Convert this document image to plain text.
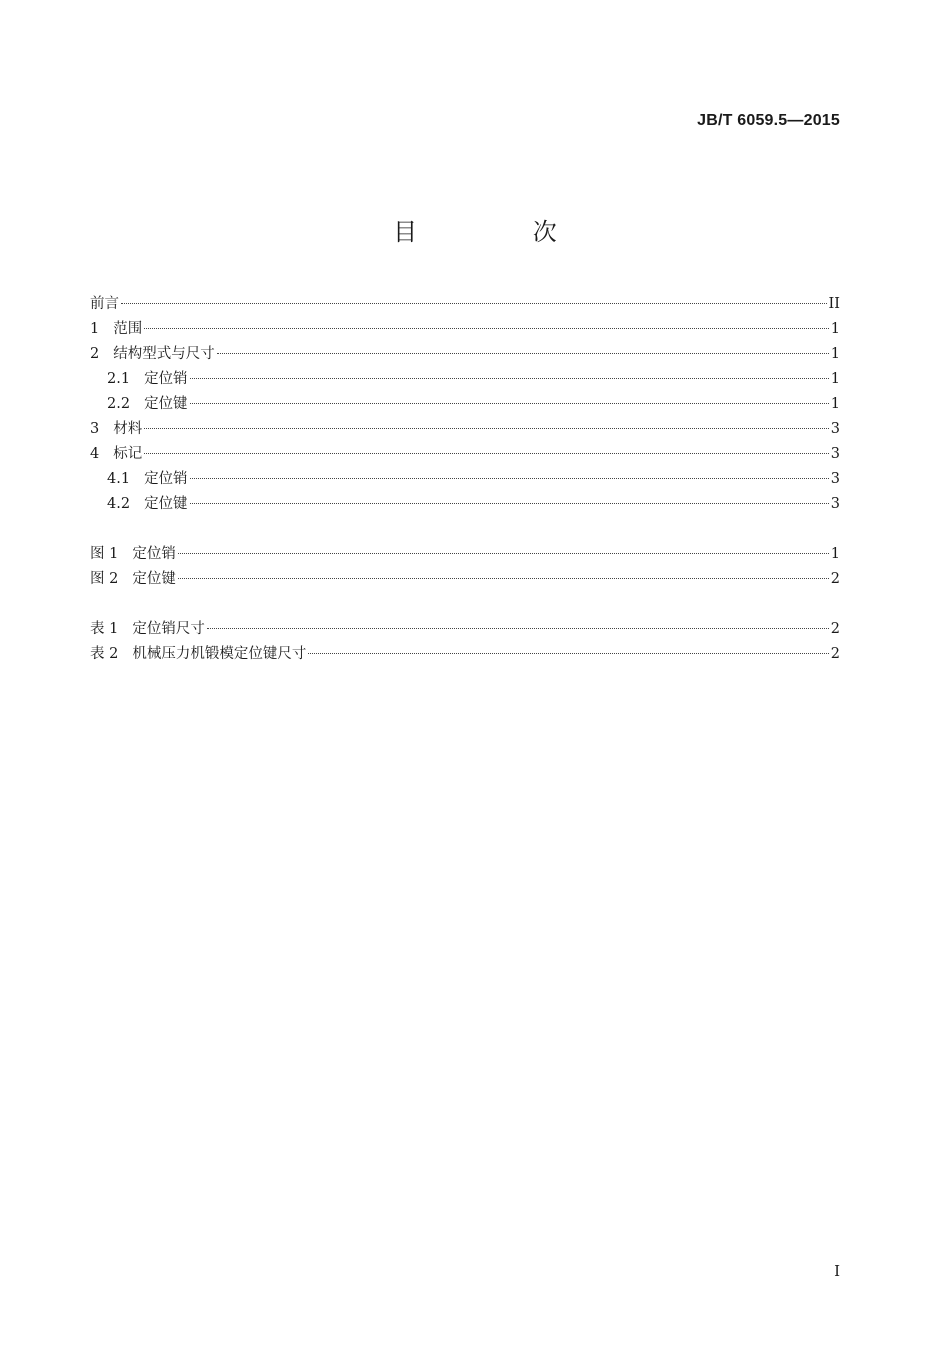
JB/T 6059.5—2015
目 次
前言	II
1 范围	1
2 结构型式与尺寸	1
2.1 定位销	1
2.2 定位键	1
3 材料	3
4 标记	3
4.1 定位销	3
4.2 定位键	3
图 1 定位销	1
图 2 定位键	2
表 1 定位销尺寸	2
表 2 机械压力机锻模定位键尺寸	2
I
